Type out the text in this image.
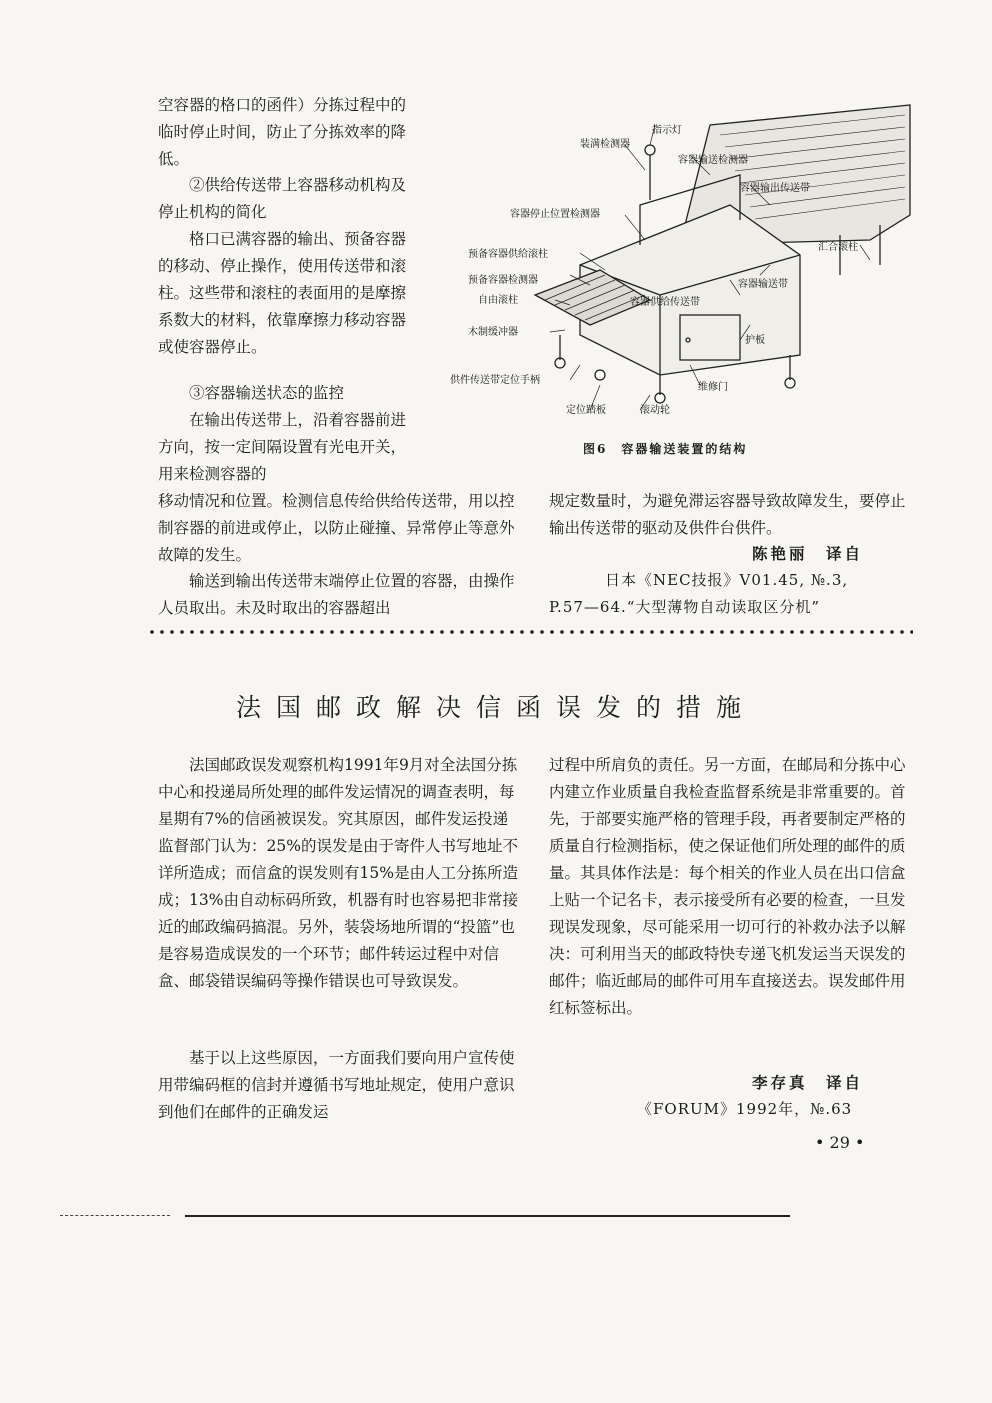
空容器的格口的函件）分拣过程中的临时停止时间，防止了分拣效率的降低。

②供给传送带上容器移动机构及停止机构的简化

格口已满容器的输出、预备容器的移动、停止操作，使用传送带和滚柱。这些带和滚柱的表面用的是摩擦系数大的材料，依靠摩擦力移动容器或使容器停止。

③容器输送状态的监控

在输出传送带上，沿着容器前进方向，按一定间隔设置有光电开关，用来检测容器的

移动情况和位置。检测信息传给供给传送带，用以控制容器的前进或停止，以防止碰撞、异常停止等意外故障的发生。

输送到输出传送带末端停止位置的容器，由操作人员取出。未及时取出的容器超出

指示灯
装满检测器
容器输送检测器
容器输出传送带
容器停止位置检测器
汇合滚柱
预备容器供给滚柱
预备容器检测器
自由滚柱
容器输送带
容器供给传送带
木制缓冲器
护板
供件传送带定位手柄
维修门
定位踏板	滚动轮
图6　容器输送装置的结构

规定数量时，为避免滞运容器导致故障发生，要停止输出传送带的驱动及供件台供件。

陈艳丽　译自
日本《NEC技报》V01.45, №.3,
P.57—64.“大型薄物自动读取区分机”
法国邮政解决信函误发的措施

法国邮政误发观察机构1991年9月对全法国分拣中心和投递局所处理的邮件发运情况的调查表明，每星期有7%的信函被误发。究其原因，邮件发运投递监督部门认为：25%的误发是由于寄件人书写地址不详所造成；而信盒的误发则有15%是由人工分拣所造成；13%由自动标码所致，机器有时也容易把非常接近的邮政编码搞混。另外，装袋场地所谓的“投篮”也是容易造成误发的一个环节；邮件转运过程中对信盒、邮袋错误编码等操作错误也可导致误发。

基于以上这些原因，一方面我们要向用户宣传使用带编码框的信封并遵循书写地址规定，使用户意识到他们在邮件的正确发运

过程中所肩负的责任。另一方面，在邮局和分拣中心内建立作业质量自我检查监督系统是非常重要的。首先，于部要实施严格的管理手段，再者要制定严格的质量自行检测指标，使之保证他们所处理的邮件的质量。其具体作法是：每个相关的作业人员在出口信盒上贴一个记名卡，表示接受所有必要的检查，一旦发现误发现象，尽可能采用一切可行的补救办法予以解决：可利用当天的邮政特快专递飞机发运当天误发的邮件；临近邮局的邮件可用车直接送去。误发邮件用红标签标出。

李存真　译自
《FORUM》1992年，№.63
• 29 •
